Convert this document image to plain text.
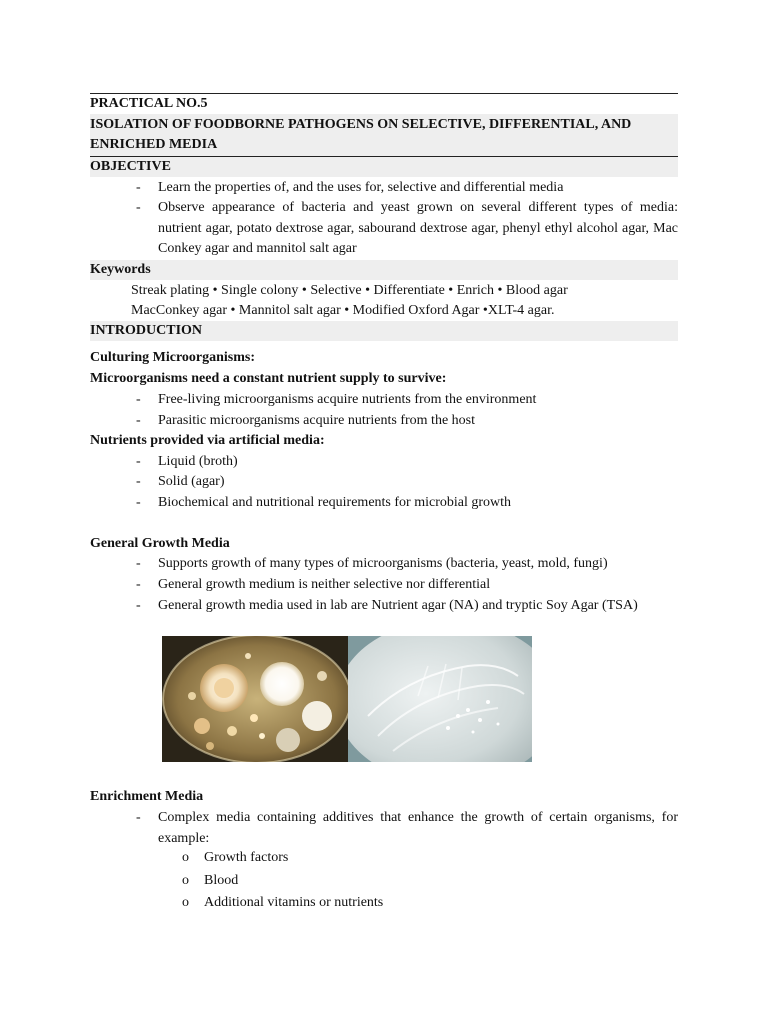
PRACTICAL NO.5
ISOLATION OF FOODBORNE PATHOGENS ON SELECTIVE, DIFFERENTIAL, AND
ENRICHED MEDIA
OBJECTIVE
- Learn the properties of, and the uses for, selective and differential media
- Observe appearance of bacteria and yeast grown on several different types of media: nutrient agar, potato dextrose agar, sabourand dextrose agar, phenyl ethyl alcohol agar, Mac Conkey agar and mannitol salt agar
Keywords
Streak plating • Single colony • Selective • Differentiate • Enrich • Blood agar
MacConkey agar • Mannitol salt agar • Modified Oxford Agar •XLT-4 agar.
INTRODUCTION
Culturing Microorganisms:
Microorganisms need a constant nutrient supply to survive:
- Free-living microorganisms acquire nutrients from the environment
- Parasitic microorganisms acquire nutrients from the host
Nutrients provided via artificial media:
- Liquid (broth)
- Solid (agar)
- Biochemical and nutritional requirements for microbial growth
General Growth Media
- Supports growth of many types of microorganisms (bacteria, yeast, mold, fungi)
- General growth medium is neither selective nor differential
- General growth media used in lab are Nutrient agar (NA) and tryptic Soy Agar (TSA)
Enrichment Media
- Complex media containing additives that enhance the growth of certain organisms, for example:
o Growth factors
o Blood
o Additional vitamins or nutrients
